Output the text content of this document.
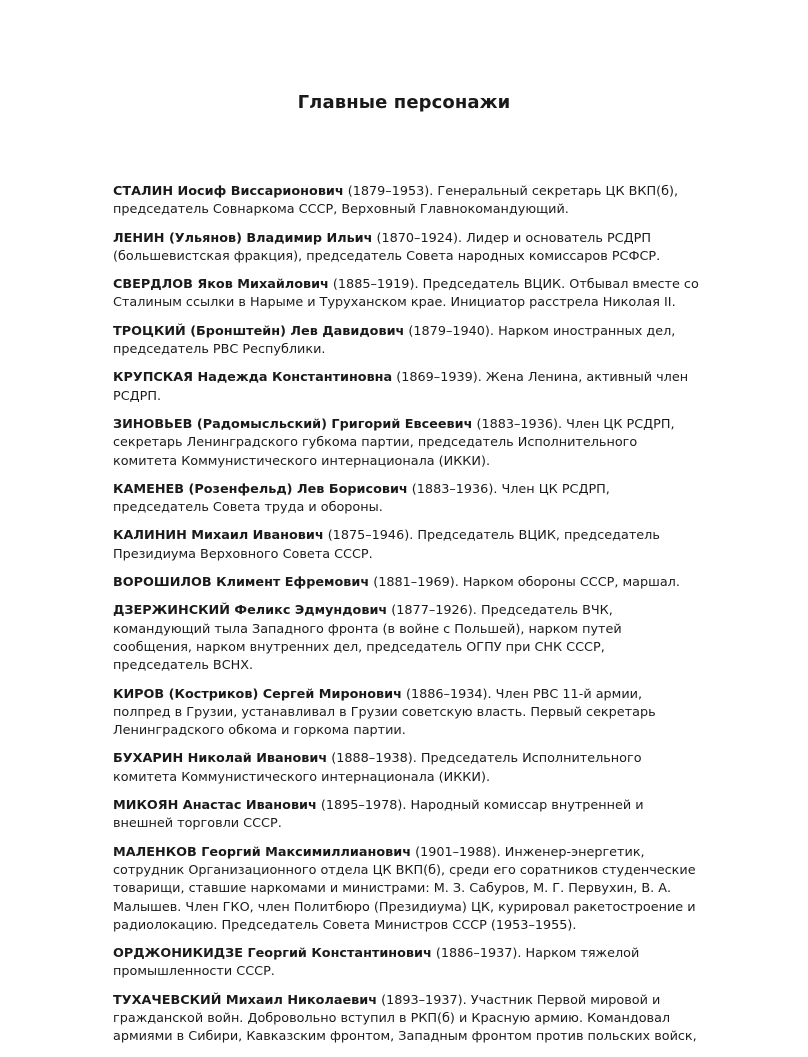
Главные персонажи
СТАЛИН Иосиф Виссарионович (1879–1953). Генеральный секретарь ЦК ВКП(б), председатель Совнаркома СССР, Верховный Главнокомандующий.
ЛЕНИН (Ульянов) Владимир Ильич (1870–1924). Лидер и основатель РСДРП (большевистская фракция), председатель Совета народных комиссаров РСФСР.
СВЕРДЛОВ Яков Михайлович (1885–1919). Председатель ВЦИК. Отбывал вместе со Сталиным ссылки в Нарыме и Туруханском крае. Инициатор расстрела Николая II.
ТРОЦКИЙ (Бронштейн) Лев Давидович (1879–1940). Нарком иностранных дел, председатель РВС Республики.
КРУПСКАЯ Надежда Константиновна (1869–1939). Жена Ленина, активный член РСДРП.
ЗИНОВЬЕВ (Радомысльский) Григорий Евсеевич (1883–1936). Член ЦК РСДРП, секретарь Ленинградского губкома партии, председатель Исполнительного комитета Коммунистического интернационала (ИККИ).
КАМЕНЕВ (Розенфельд) Лев Борисович (1883–1936). Член ЦК РСДРП, председатель Совета труда и обороны.
КАЛИНИН Михаил Иванович (1875–1946). Председатель ВЦИК, председатель Президиума Верховного Совета СССР.
ВОРОШИЛОВ Климент Ефремович (1881–1969). Нарком обороны СССР, маршал.
ДЗЕРЖИНСКИЙ Феликс Эдмундович (1877–1926). Председатель ВЧК, командующий тыла Западного фронта (в войне с Польшей), нарком путей сообщения, нарком внутренних дел, председатель ОГПУ при СНК СССР, председатель ВСНХ.
КИРОВ (Костриков) Сергей Миронович (1886–1934). Член РВС 11-й армии, полпред в Грузии, устанавливал в Грузии советскую власть. Первый секретарь Ленинградского обкома и горкома партии.
БУХАРИН Николай Иванович (1888–1938). Председатель Исполнительного комитета Коммунистического интернационала (ИККИ).
МИКОЯН Анастас Иванович (1895–1978). Народный комиссар внутренней и внешней торговли СССР.
МАЛЕНКОВ Георгий Максимиллианович (1901–1988). Инженер-энергетик, сотрудник Организационного отдела ЦК ВКП(б), среди его соратников студенческие товарищи, ставшие наркомами и министрами: М. З. Сабуров, М. Г. Первухин, В. А. Малышев. Член ГКО, член Политбюро (Президиума) ЦК, курировал ракетостроение и радиолокацию. Председатель Совета Министров СССР (1953–1955).
ОРДЖОНИКИДЗЕ Георгий Константинович (1886–1937). Нарком тяжелой промышленности СССР.
ТУХАЧЕВСКИЙ Михаил Николаевич (1893–1937). Участник Первой мировой и гражданской войн. Добровольно вступил в РКП(б) и Красную армию. Командовал армиями в Сибири, Кавказским фронтом, Западным фронтом против польских войск,
